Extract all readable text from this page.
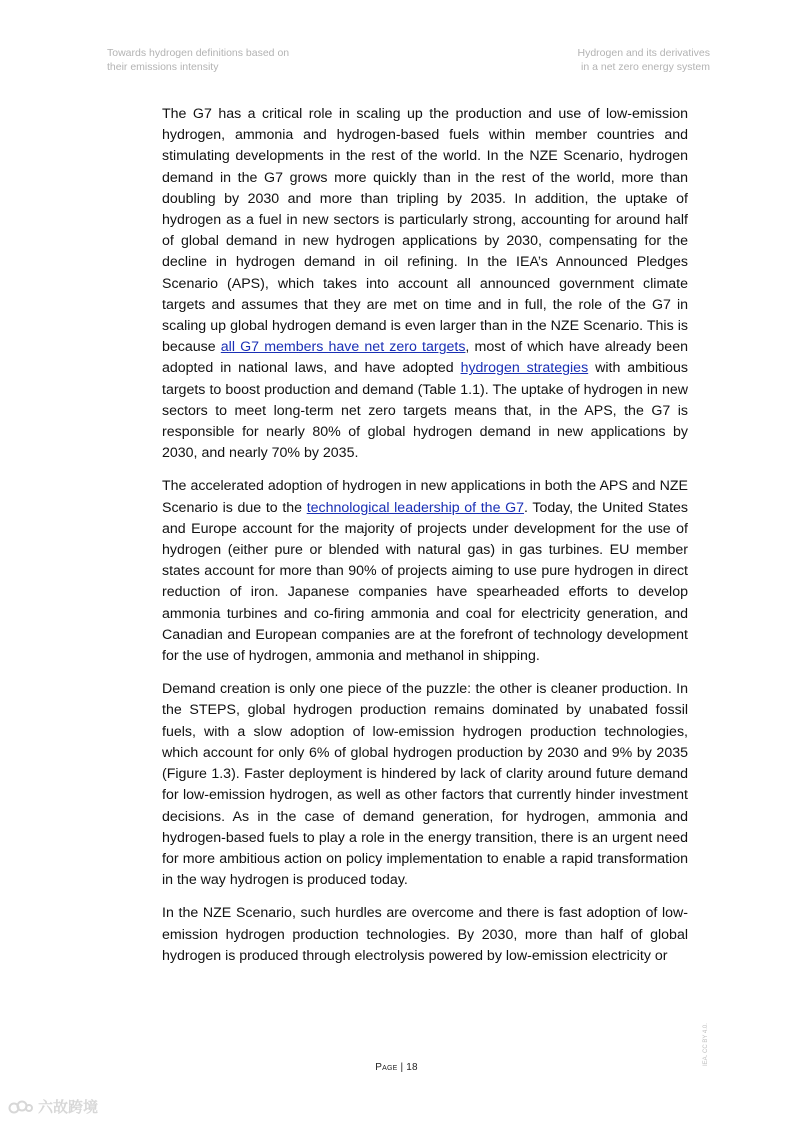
Towards hydrogen definitions based on
their emissions intensity
Hydrogen and its derivatives
in a net zero energy system

The G7 has a critical role in scaling up the production and use of low-emission hydrogen, ammonia and hydrogen-based fuels within member countries and stimulating developments in the rest of the world. In the NZE Scenario, hydrogen demand in the G7 grows more quickly than in the rest of the world, more than doubling by 2030 and more than tripling by 2035. In addition, the uptake of hydrogen as a fuel in new sectors is particularly strong, accounting for around half of global demand in new hydrogen applications by 2030, compensating for the decline in hydrogen demand in oil refining. In the IEA’s Announced Pledges Scenario (APS), which takes into account all announced government climate targets and assumes that they are met on time and in full, the role of the G7 in scaling up global hydrogen demand is even larger than in the NZE Scenario. This is because all G7 members have net zero targets, most of which have already been adopted in national laws, and have adopted hydrogen strategies with ambitious targets to boost production and demand (Table 1.1). The uptake of hydrogen in new sectors to meet long-term net zero targets means that, in the APS, the G7 is responsible for nearly 80% of global hydrogen demand in new applications by 2030, and nearly 70% by 2035.

The accelerated adoption of hydrogen in new applications in both the APS and NZE Scenario is due to the technological leadership of the G7. Today, the United States and Europe account for the majority of projects under development for the use of hydrogen (either pure or blended with natural gas) in gas turbines. EU member states account for more than 90% of projects aiming to use pure hydrogen in direct reduction of iron. Japanese companies have spearheaded efforts to develop ammonia turbines and co-firing ammonia and coal for electricity generation, and Canadian and European companies are at the forefront of technology development for the use of hydrogen, ammonia and methanol in shipping.

Demand creation is only one piece of the puzzle: the other is cleaner production. In the STEPS, global hydrogen production remains dominated by unabated fossil fuels, with a slow adoption of low-emission hydrogen production technologies, which account for only 6% of global hydrogen production by 2030 and 9% by 2035 (Figure 1.3). Faster deployment is hindered by lack of clarity around future demand for low-emission hydrogen, as well as other factors that currently hinder investment decisions. As in the case of demand generation, for hydrogen, ammonia and hydrogen-based fuels to play a role in the energy transition, there is an urgent need for more ambitious action on policy implementation to enable a rapid transformation in the way hydrogen is produced today.

In the NZE Scenario, such hurdles are overcome and there is fast adoption of low-emission hydrogen production technologies. By 2030, more than half of global hydrogen is produced through electrolysis powered by low-emission electricity or

Page | 18
IEA. CC BY 4.0.
六故跨境
